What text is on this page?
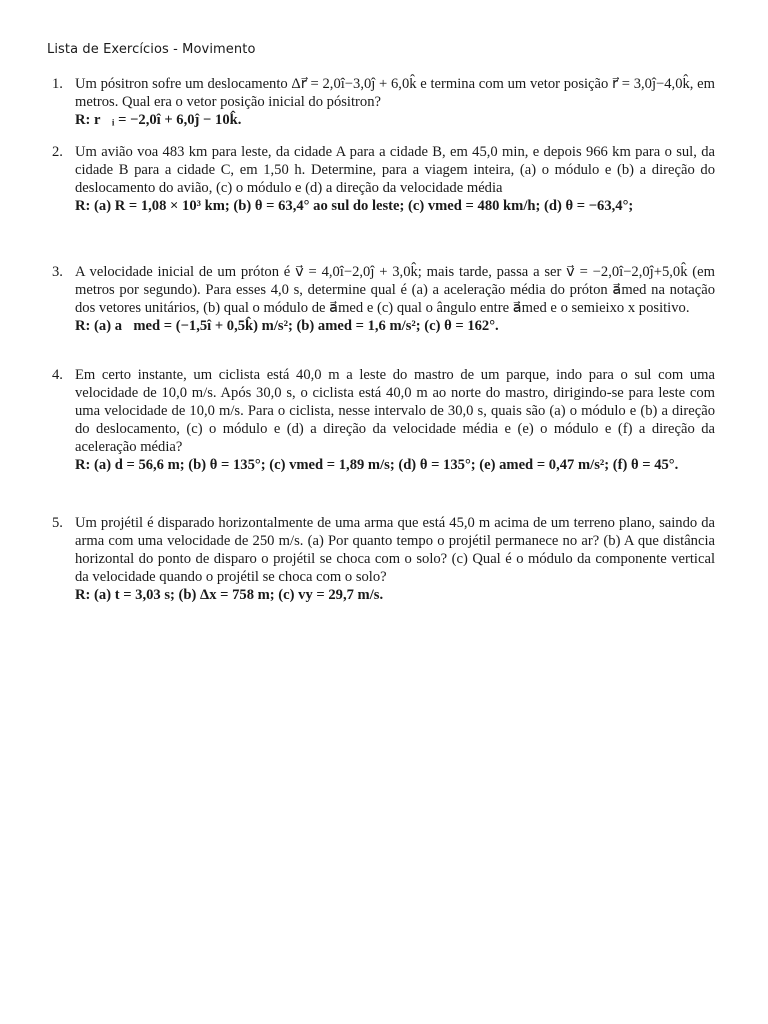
Lista de Exercícios - Movimento
1. Um pósitron sofre um deslocamento Δr⃗ = 2,0î−3,0ĵ + 6,0k̂ e termina com um vetor posição r⃗ = 3,0ĵ−4,0k̂, em metros. Qual era o vetor posição inicial do pósitron?
R: r⃗ᵢ = −2,0î + 6,0ĵ − 10k̂.
2. Um avião voa 483 km para leste, da cidade A para a cidade B, em 45,0 min, e depois 966 km para o sul, da cidade B para a cidade C, em 1,50 h. Determine, para a viagem inteira, (a) o módulo e (b) a direção do deslocamento do avião, (c) o módulo e (d) a direção da velocidade média
R: (a) R = 1,08 × 10³ km; (b) θ = 63,4° ao sul do leste; (c) vmed = 480 km/h; (d) θ = −63,4°;
3. A velocidade inicial de um próton é v⃗ = 4,0î−2,0ĵ + 3,0k̂; mais tarde, passa a ser v⃗ = −2,0î−2,0ĵ+5,0k̂ (em metros por segundo). Para esses 4,0 s, determine qual é (a) a aceleração média do próton a⃗med na notação dos vetores unitários, (b) qual o módulo de a⃗med e (c) qual o ângulo entre a⃗med e o semieixo x positivo.
R: (a) a⃗med = (−1,5î + 0,5k̂) m/s²; (b) amed = 1,6 m/s²; (c) θ = 162°.
4. Em certo instante, um ciclista está 40,0 m a leste do mastro de um parque, indo para o sul com uma velocidade de 10,0 m/s. Após 30,0 s, o ciclista está 40,0 m ao norte do mastro, dirigindo-se para leste com uma velocidade de 10,0 m/s. Para o ciclista, nesse intervalo de 30,0 s, quais são (a) o módulo e (b) a direção do deslocamento, (c) o módulo e (d) a direção da velocidade média e (e) o módulo e (f) a direção da aceleração média?
R: (a) d = 56,6 m; (b) θ = 135°; (c) vmed = 1,89 m/s; (d) θ = 135°; (e) amed = 0,47 m/s²; (f) θ = 45°.
5. Um projétil é disparado horizontalmente de uma arma que está 45,0 m acima de um terreno plano, saindo da arma com uma velocidade de 250 m/s. (a) Por quanto tempo o projétil permanece no ar? (b) A que distância horizontal do ponto de disparo o projétil se choca com o solo? (c) Qual é o módulo da componente vertical da velocidade quando o projétil se choca com o solo?
R: (a) t = 3,03 s; (b) Δx = 758 m; (c) vy = 29,7 m/s.
